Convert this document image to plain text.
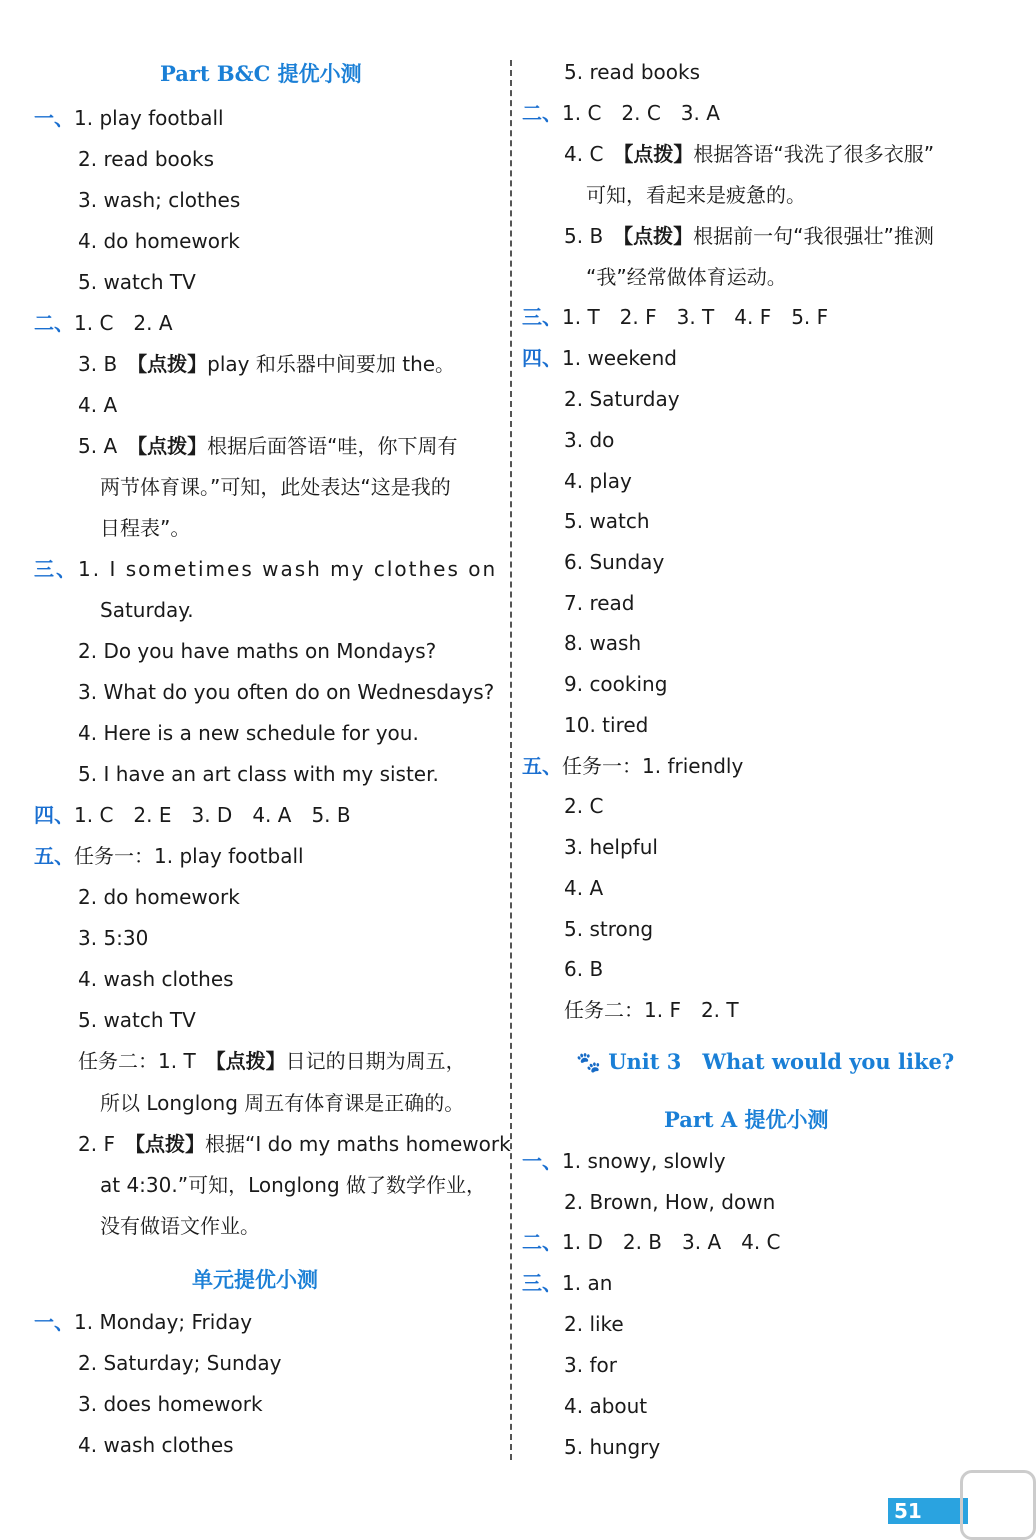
Part B&C 提优小测
一、1. play football
2. read books
3. wash; clothes
4. do homework
5. watch TV
二、1. C　2. A
3. B　【点拨】play 和乐器中间要加 the。
4. A
5. A　【点拨】根据后面答语“哇，你下周有
两节体育课。”可知，此处表达“这是我的
日程表”。
三、1. I sometimes wash my clothes on
Saturday.
2. Do you have maths on Mondays?
3. What do you often do on Wednesdays?
4. Here is a new schedule for you.
5. I have an art class with my sister.
四、1. C　2. E　3. D　4. A　5. B
五、任务一：1. play football
2. do homework
3. 5:30
4. wash clothes
5. watch TV
任务二：1. T　【点拨】日记的日期为周五，
所以 Longlong 周五有体育课是正确的。
2. F　【点拨】根据“I do my maths homework
at 4:30.”可知，Longlong 做了数学作业，
没有做语文作业。
单元提优小测
一、1. Monday; Friday
2. Saturday; Sunday
3. does homework
4. wash clothes
5. read books
二、1. C　2. C　3. A
4. C　【点拨】根据答语“我洗了很多衣服”
可知，看起来是疲惫的。
5. B　【点拨】根据前一句“我很强壮”推测
“我”经常做体育运动。
三、1. T　2. F　3. T　4. F　5. F
四、1. weekend
2. Saturday
3. do
4. play
5. watch
6. Sunday
7. read
8. wash
9. cooking
10. tired
五、任务一：1. friendly
2. C
3. helpful
4. A
5. strong
6. B
任务二：1. F　2. T
🐾 Unit 3　What would you like?
Part A 提优小测
一、1. snowy, slowly
2. Brown, How, down
二、1. D　2. B　3. A　4. C
三、1. an
2. like
3. for
4. about
5. hungry
51
